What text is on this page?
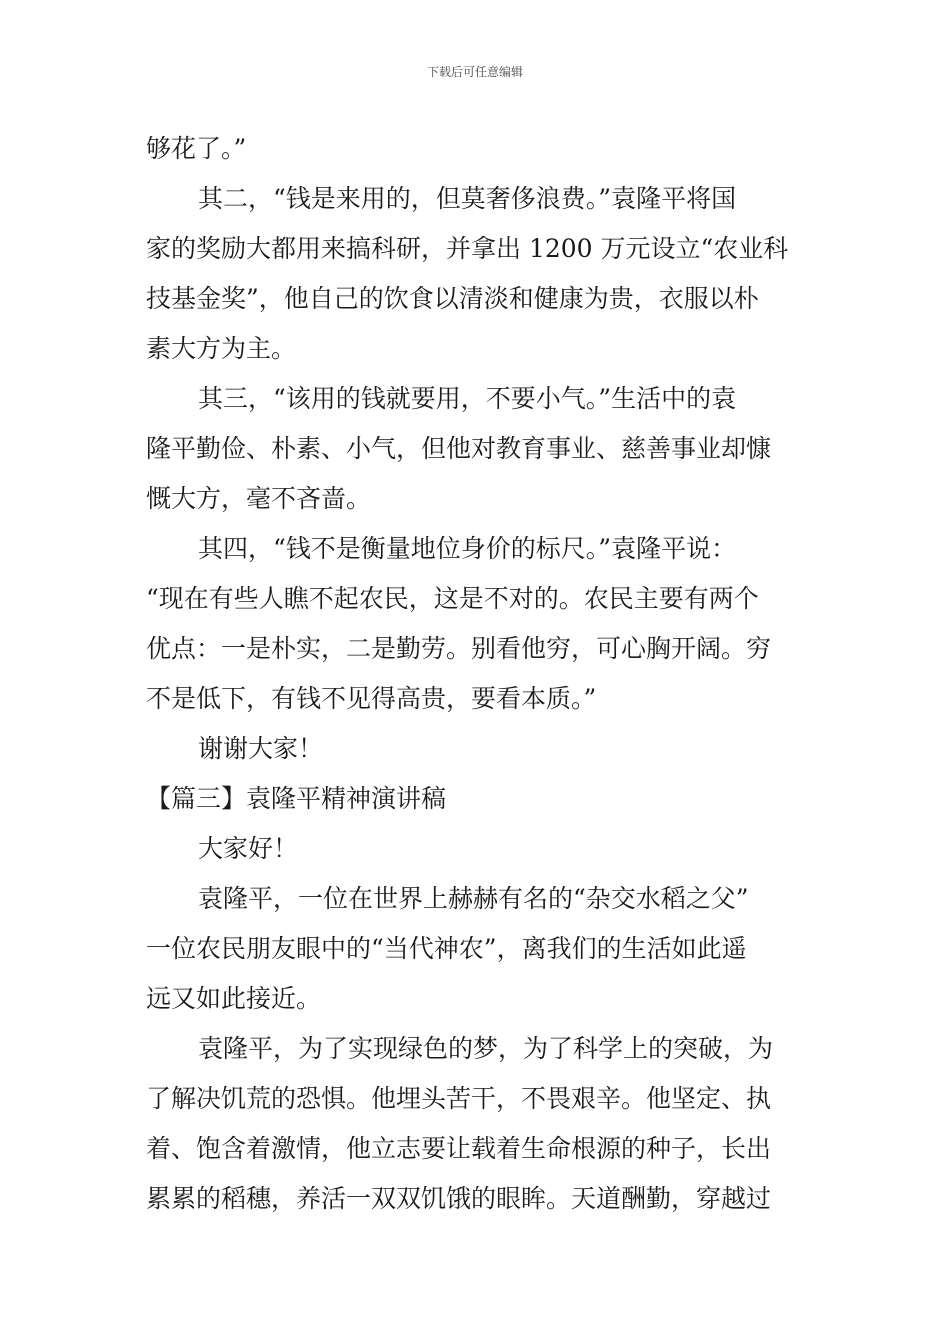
下载后可任意编辑
够花了。”
其二，“钱是来用的，但莫奢侈浪费。”袁隆平将国
家的奖励大都用来搞科研，并拿出 1200 万元设立“农业科
技基金奖”，他自己的饮食以清淡和健康为贵，衣服以朴
素大方为主。
其三，“该用的钱就要用，不要小气。”生活中的袁
隆平勤俭、朴素、小气，但他对教育事业、慈善事业却慷
慨大方，毫不吝啬。
其四，“钱不是衡量地位身价的标尺。”袁隆平说：
“现在有些人瞧不起农民，这是不对的。农民主要有两个
优点：一是朴实，二是勤劳。别看他穷，可心胸开阔。穷
不是低下，有钱不见得高贵，要看本质。”
谢谢大家！
【篇三】袁隆平精神演讲稿
大家好！
袁隆平，一位在世界上赫赫有名的“杂交水稻之父”
一位农民朋友眼中的“当代神农”，离我们的生活如此遥
远又如此接近。
袁隆平，为了实现绿色的梦，为了科学上的突破，为
了解决饥荒的恐惧。他埋头苦干，不畏艰辛。他坚定、执
着、饱含着激情，他立志要让载着生命根源的种子，长出
累累的稻穗，养活一双双饥饿的眼眸。天道酬勤，穿越过
